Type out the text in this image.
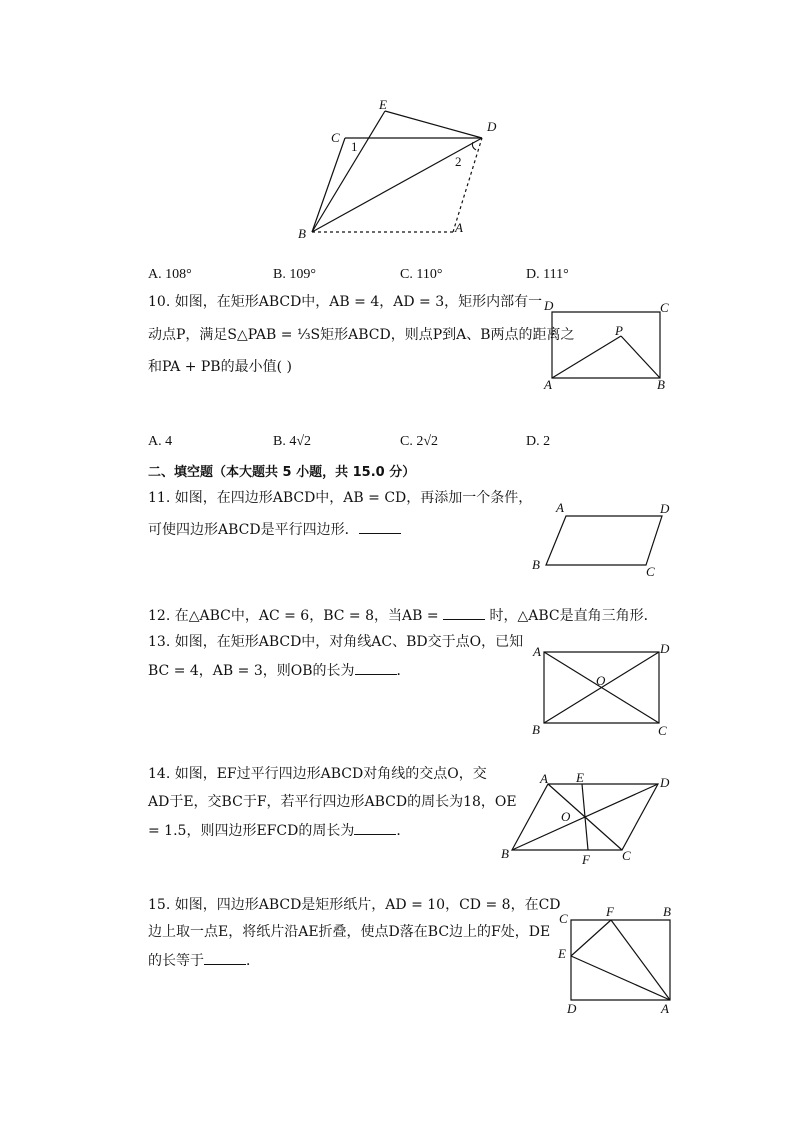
E
C
D
B	A
1
2
A. 108°	B. 109°	C. 110°	D. 111°
10. 如图，在矩形ABCD中，AB = 4，AD = 3，矩形内部有一
动点P，满足S△PAB = ⅓S矩形ABCD，则点P到A、B两点的距离之
和PA + PB的最小值( )
D	C
P
A	B
A. 4	B. 4√2	C. 2√2	D. 2
二、填空题（本大题共 5 小题，共 15.0 分）
11. 如图，在四边形ABCD中，AB = CD，再添加一个条件，
可使四边形ABCD是平行四边形．
A	D
B	C
12. 在△ABC中，AC = 6，BC = 8，当AB =	时，△ABC是直角三角形．
13. 如图，在矩形ABCD中，对角线AC、BD交于点O，已知
BC = 4，AB = 3，则OB的长为	．
A	D
O
B	C
14. 如图，EF过平行四边形ABCD对角线的交点O，交
AD于E，交BC于F，若平行四边形ABCD的周长为18，OE
= 1.5，则四边形EFCD的周长为	．
A E	D
O
B	F C
15. 如图，四边形ABCD是矩形纸片，AD = 10，CD = 8，在CD
边上取一点E，将纸片沿AE折叠，使点D落在BC边上的F处，DE
的长等于	．
C	F	B
E
D	A
